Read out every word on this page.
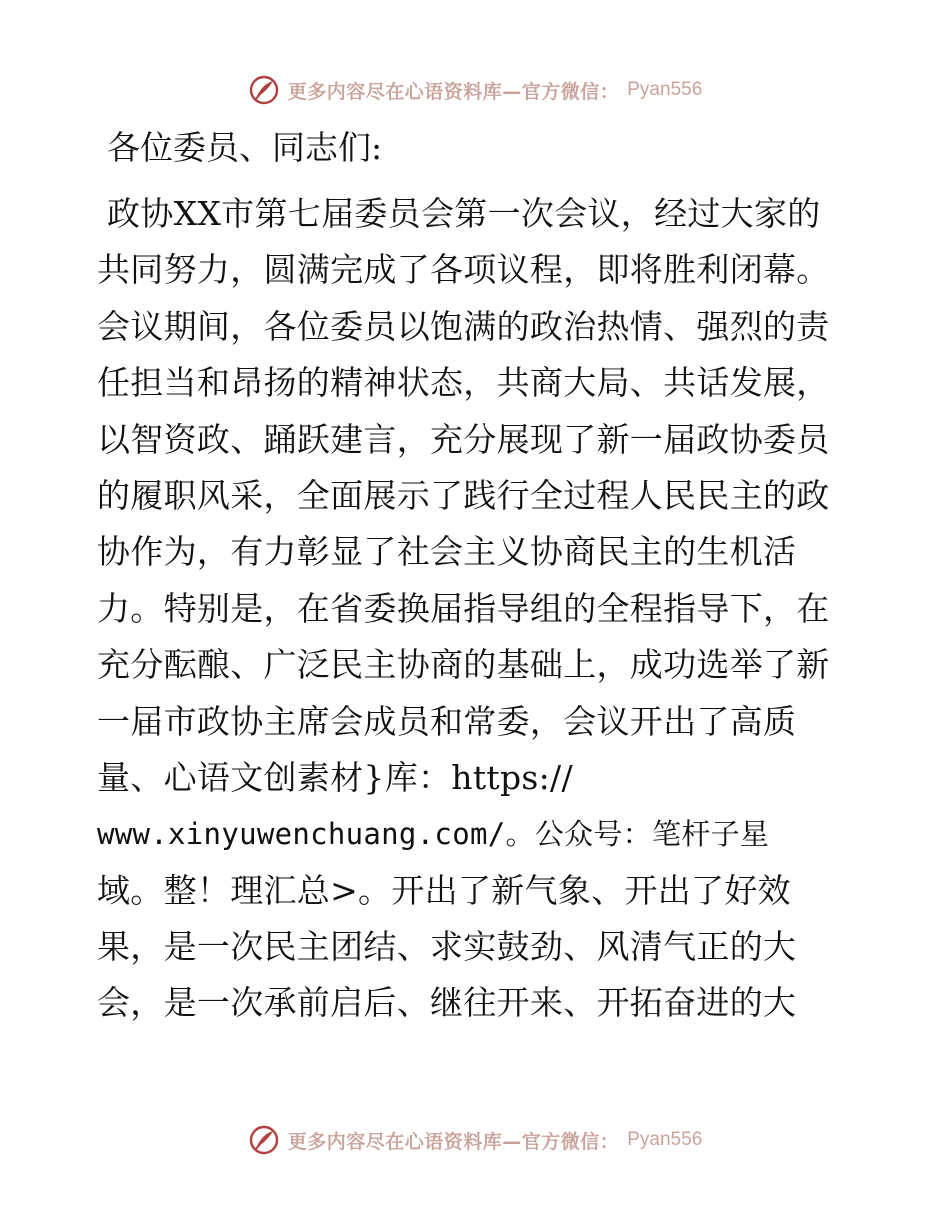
更多内容尽在心语资料库—官方微信： Pyan556
各位委员、同志们:
政协XX市第七届委员会第一次会议，经过大家的
共同努力，圆满完成了各项议程，即将胜利闭幕。
会议期间，各位委员以饱满的政治热情、强烈的责
任担当和昂扬的精神状态，共商大局、共话发展，
以智资政、踊跃建言，充分展现了新一届政协委员
的履职风采，全面展示了践行全过程人民民主的政
协作为，有力彰显了社会主义协商民主的生机活
力。特别是，在省委换届指导组的全程指导下，在
充分酝酿、广泛民主协商的基础上，成功选举了新
一届市政协主席会成员和常委，会议开出了高质
量、心语文创素材}库：https://
www.xinyuwenchuang.com/。公众号：笔杆子星
域。整！理汇总>。开出了新气象、开出了好效
果，是一次民主团结、求实鼓劲、风清气正的大
会，是一次承前启后、继往开来、开拓奋进的大
更多内容尽在心语资料库—官方微信： Pyan556
